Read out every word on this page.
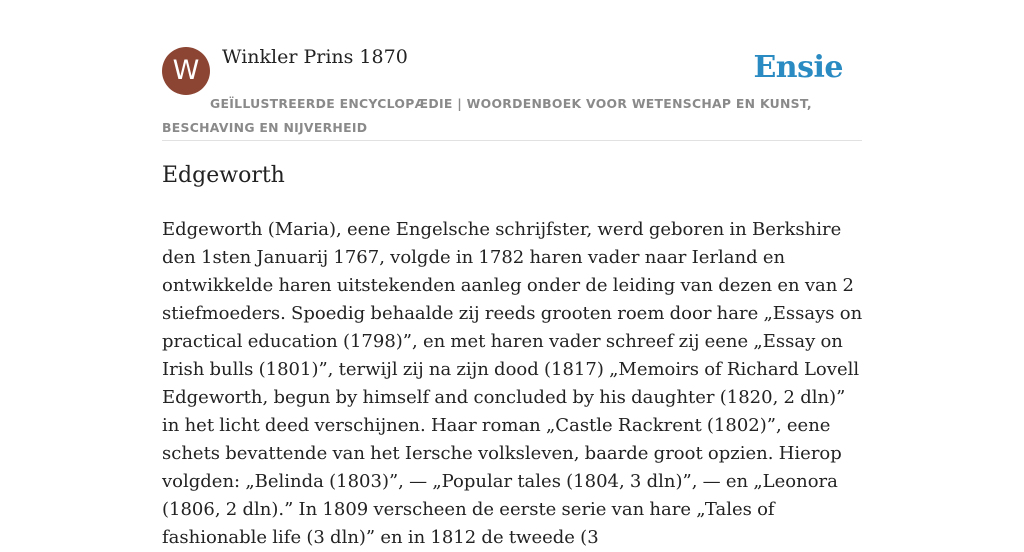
W	Winkler Prins 1870	Ensie
GEÏLLUSTREERDE ENCYCLOPÆDIE | WOORDENBOEK VOOR WETENSCHAP EN KUNST, BESCHAVING EN NIJVERHEID
Edgeworth

Edgeworth (Maria), eene Engelsche schrijfster, werd geboren in Berkshire den 1sten Januarij 1767, volgde in 1782 haren vader naar Ierland en ontwikkelde haren uitstekenden aanleg onder de leiding van dezen en van 2 stiefmoeders. Spoedig behaalde zij reeds grooten roem door hare „Essays on practical education (1798)”, en met haren vader schreef zij eene „Essay on Irish bulls (1801)”, terwijl zij na zijn dood (1817) „Memoirs of Richard Lovell Edgeworth, begun by himself and concluded by his daughter (1820, 2 dln)” in het licht deed verschijnen. Haar roman „Castle Rackrent (1802)”, eene schets bevattende van het Iersche volksleven, baarde groot opzien. Hierop volgden: „Belinda (1803)”, — „Popular tales (1804, 3 dln)”, — en „Leonora (1806, 2 dln).” In 1809 verscheen de eerste serie van hare „Tales of fashionable life (3 dln)” en in 1812 de tweede (3
